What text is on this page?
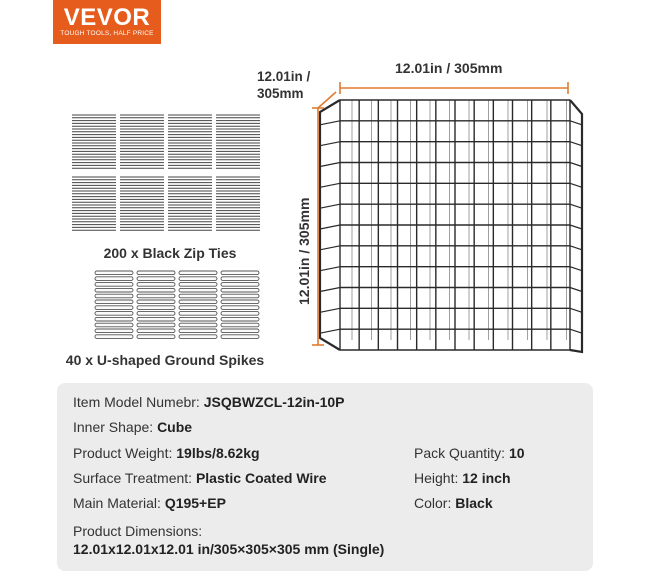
VEVOR
TOUGH TOOLS, HALF PRICE
200 x Black Zip Ties
40 x U-shaped Ground Spikes
12.01in /
305mm
12.01in / 305mm
12.01in / 305mm
Item Model Numebr: JSQBWZCL-12in-10P
Inner Shape: Cube
Product Weight: 19lbs/8.62kg	Pack Quantity: 10
Surface Treatment: Plastic Coated Wire	Height: 12 inch
Main Material: Q195+EP	Color: Black
Product Dimensions:
12.01x12.01x12.01 in/305×305×305 mm (Single)
